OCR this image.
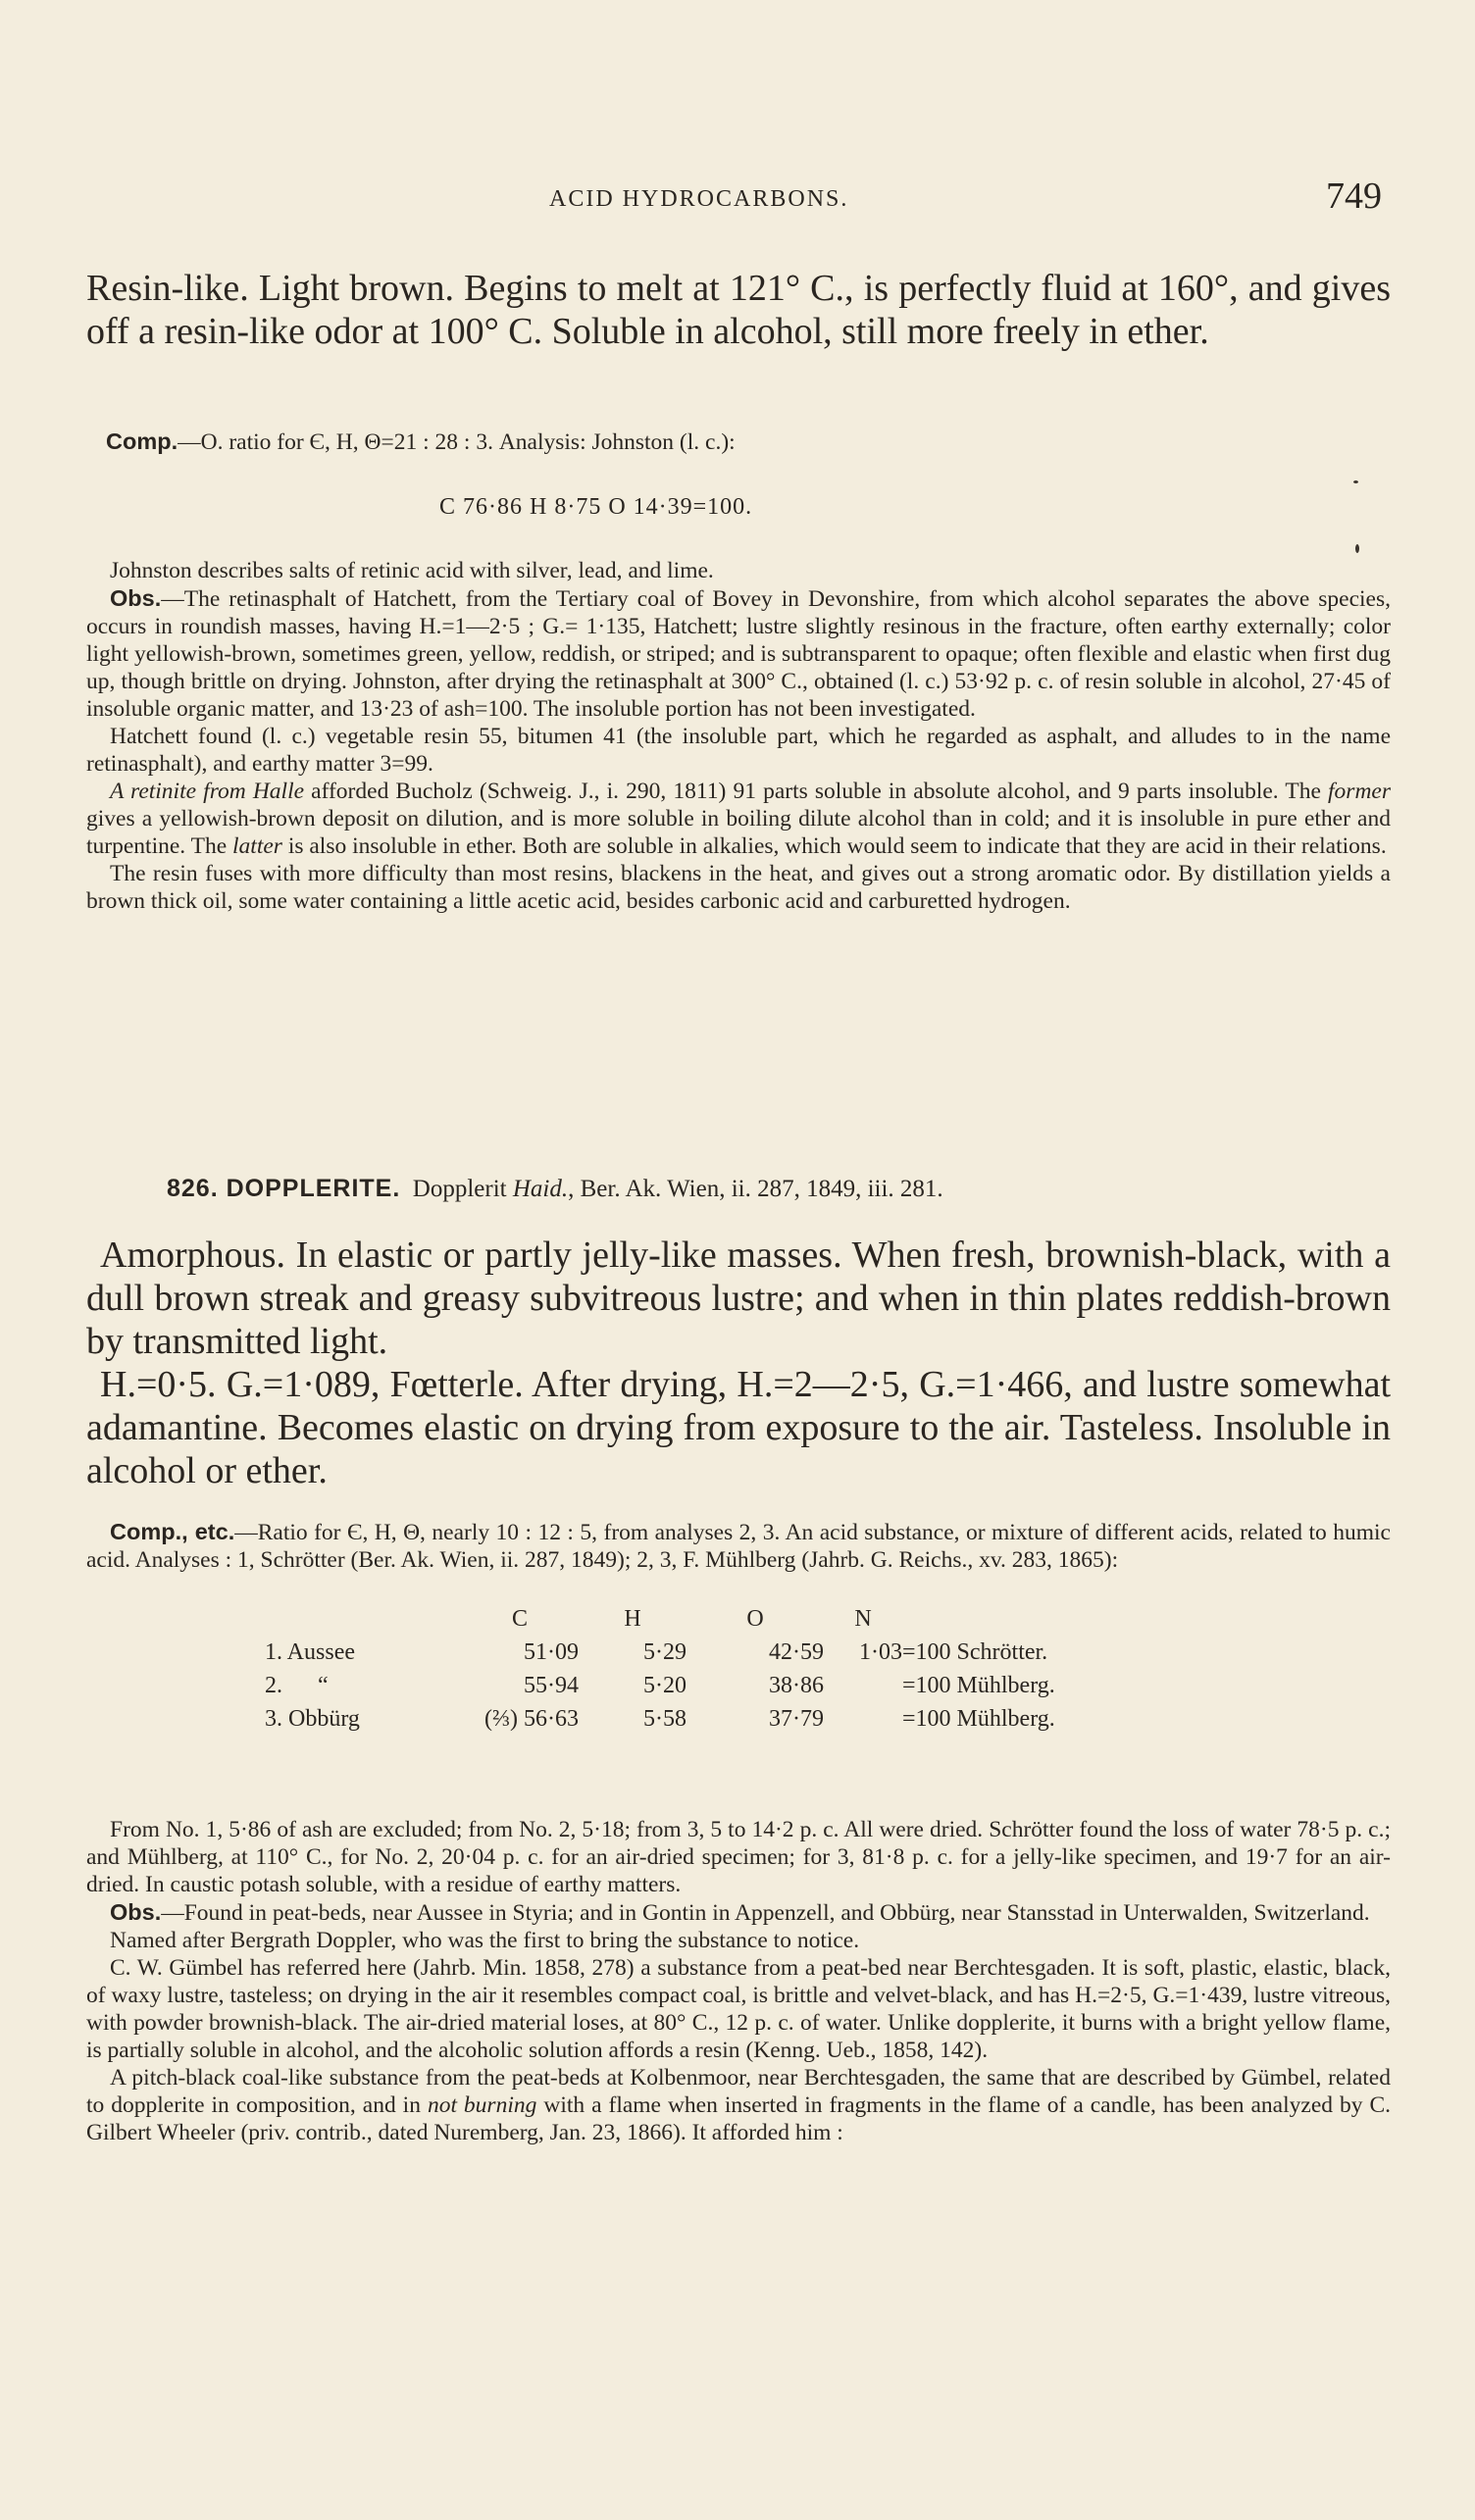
ACID HYDROCARBONS.	749

Resin-like. Light brown. Begins to melt at 121° C., is perfectly fluid at 160°, and gives off a resin-like odor at 100° C. Soluble in alcohol, still more freely in ether.

Comp.—O. ratio for Є, H, Θ=21 : 28 : 3. Analysis: Johnston (l. c.):

C 76·86 H 8·75 O 14·39=100.

Johnston describes salts of retinic acid with silver, lead, and lime.

Obs.—The retinasphalt of Hatchett, from the Tertiary coal of Bovey in Devonshire, from which alcohol separates the above species, occurs in roundish masses, having H.=1—2·5 ; G.= 1·135, Hatchett; lustre slightly resinous in the fracture, often earthy externally; color light yellowish-brown, sometimes green, yellow, reddish, or striped; and is subtransparent to opaque; often flexible and elastic when first dug up, though brittle on drying. Johnston, after drying the retinasphalt at 300° C., obtained (l. c.) 53·92 p. c. of resin soluble in alcohol, 27·45 of insoluble organic matter, and 13·23 of ash=100. The insoluble portion has not been investigated.

Hatchett found (l. c.) vegetable resin 55, bitumen 41 (the insoluble part, which he regarded as asphalt, and alludes to in the name retinasphalt), and earthy matter 3=99.

A retinite from Halle afforded Bucholz (Schweig. J., i. 290, 1811) 91 parts soluble in absolute alcohol, and 9 parts insoluble. The former gives a yellowish-brown deposit on dilution, and is more soluble in boiling dilute alcohol than in cold; and it is insoluble in pure ether and turpentine. The latter is also insoluble in ether. Both are soluble in alkalies, which would seem to indicate that they are acid in their relations.

The resin fuses with more difficulty than most resins, blackens in the heat, and gives out a strong aromatic odor. By distillation yields a brown thick oil, some water containing a little acetic acid, besides carbonic acid and carburetted hydrogen.

826. DOPPLERITE. Dopplerit Haid., Ber. Ak. Wien, ii. 287, 1849, iii. 281.

Amorphous. In elastic or partly jelly-like masses. When fresh, brownish-black, with a dull brown streak and greasy subvitreous lustre; and when in thin plates reddish-brown by transmitted light.

H.=0·5. G.=1·089, Fœtterle. After drying, H.=2—2·5, G.=1·466, and lustre somewhat adamantine. Becomes elastic on drying from exposure to the air. Tasteless. Insoluble in alcohol or ether.

Comp., etc.—Ratio for Є, H, Θ, nearly 10 : 12 : 5, from analyses 2, 3. An acid substance, or mixture of different acids, related to humic acid. Analyses : 1, Schrötter (Ber. Ak. Wien, ii. 287, 1849); 2, 3, F. Mühlberg (Jahrb. G. Reichs., xv. 283, 1865):

	C	H	O	N	
1. Aussee	51·09	5·29	42·59	1·03	=100 Schrötter.
2.      “	55·94	5·20	38·86		=100 Mühlberg.
3. Obbürg	(⅔) 56·63	5·58	37·79		=100 Mühlberg.

From No. 1, 5·86 of ash are excluded; from No. 2, 5·18; from 3, 5 to 14·2 p. c. All were dried. Schrötter found the loss of water 78·5 p. c.; and Mühlberg, at 110° C., for No. 2, 20·04 p. c. for an air-dried specimen; for 3, 81·8 p. c. for a jelly-like specimen, and 19·7 for an air-dried. In caustic potash soluble, with a residue of earthy matters.

Obs.—Found in peat-beds, near Aussee in Styria; and in Gontin in Appenzell, and Obbürg, near Stansstad in Unterwalden, Switzerland.

Named after Bergrath Doppler, who was the first to bring the substance to notice.

C. W. Gümbel has referred here (Jahrb. Min. 1858, 278) a substance from a peat-bed near Berchtesgaden. It is soft, plastic, elastic, black, of waxy lustre, tasteless; on drying in the air it resembles compact coal, is brittle and velvet-black, and has H.=2·5, G.=1·439, lustre vitreous, with powder brownish-black. The air-dried material loses, at 80° C., 12 p. c. of water. Unlike dopplerite, it burns with a bright yellow flame, is partially soluble in alcohol, and the alcoholic solution affords a resin (Kenng. Ueb., 1858, 142).

A pitch-black coal-like substance from the peat-beds at Kolbenmoor, near Berchtesgaden, the same that are described by Gümbel, related to dopplerite in composition, and in not burning with a flame when inserted in fragments in the flame of a candle, has been analyzed by C. Gilbert Wheeler (priv. contrib., dated Nuremberg, Jan. 23, 1866). It afforded him :
